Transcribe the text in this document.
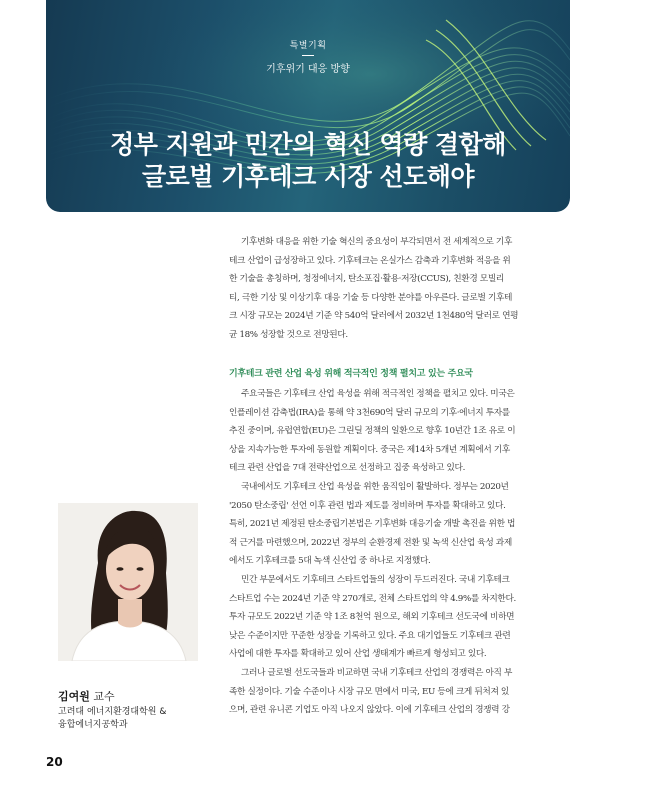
특별기획
기후위기 대응 방향
정부 지원과 민간의 혁신 역량 결합해
글로벌 기후테크 시장 선도해야
기후변화 대응을 위한 기술 혁신의 중요성이 부각되면서 전 세계적으로 기후
테크 산업이 급성장하고 있다. 기후테크는 온실가스 감축과 기후변화 적응을 위
한 기술을 총칭하며, 청정에너지, 탄소포집·활용·저장(CCUS), 친환경 모빌리
티, 극한 기상 및 이상기후 대응 기술 등 다양한 분야를 아우른다. 글로벌 기후테
크 시장 규모는 2024년 기준 약 540억 달러에서 2032년 1천480억 달러로 연평
균 18% 성장할 것으로 전망된다.
기후테크 관련 산업 육성 위해 적극적인 정책 펼치고 있는 주요국
주요국들은 기후테크 산업 육성을 위해 적극적인 정책을 펼치고 있다. 미국은
인플레이션 감축법(IRA)을 통해 약 3천690억 달러 규모의 기후·에너지 투자를
추진 중이며, 유럽연합(EU)은 그린딜 정책의 일환으로 향후 10년간 1조 유로 이
상을 지속가능한 투자에 동원할 계획이다. 중국은 제14차 5개년 계획에서 기후
테크 관련 산업을 7대 전략산업으로 선정하고 집중 육성하고 있다.
국내에서도 기후테크 산업 육성을 위한 움직임이 활발하다. 정부는 2020년
'2050 탄소중립' 선언 이후 관련 법과 제도를 정비하며 투자를 확대하고 있다.
특히, 2021년 제정된 탄소중립기본법은 기후변화 대응기술 개발 촉진을 위한 법
적 근거를 마련했으며, 2022년 정부의 순환경제 전환 및 녹색 신산업 육성 과제
에서도 기후테크를 5대 녹색 신산업 중 하나로 지정했다.
민간 부문에서도 기후테크 스타트업들의 성장이 두드러진다. 국내 기후테크
스타트업 수는 2024년 기준 약 270개로, 전체 스타트업의 약 4.9%를 차지한다.
투자 규모도 2022년 기준 약 1조 8천억 원으로, 해외 기후테크 선도국에 비하면
낮은 수준이지만 꾸준한 성장을 기록하고 있다. 주요 대기업들도 기후테크 관련
사업에 대한 투자를 확대하고 있어 산업 생태계가 빠르게 형성되고 있다.
그러나 글로벌 선도국들과 비교하면 국내 기후테크 산업의 경쟁력은 아직 부
족한 실정이다. 기술 수준이나 시장 규모 면에서 미국, EU 등에 크게 뒤처져 있
으며, 관련 유니콘 기업도 아직 나오지 않았다. 이에 기후테크 산업의 경쟁력 강
김여원 교수
고려대 에너지환경대학원 &
융합에너지공학과
20
